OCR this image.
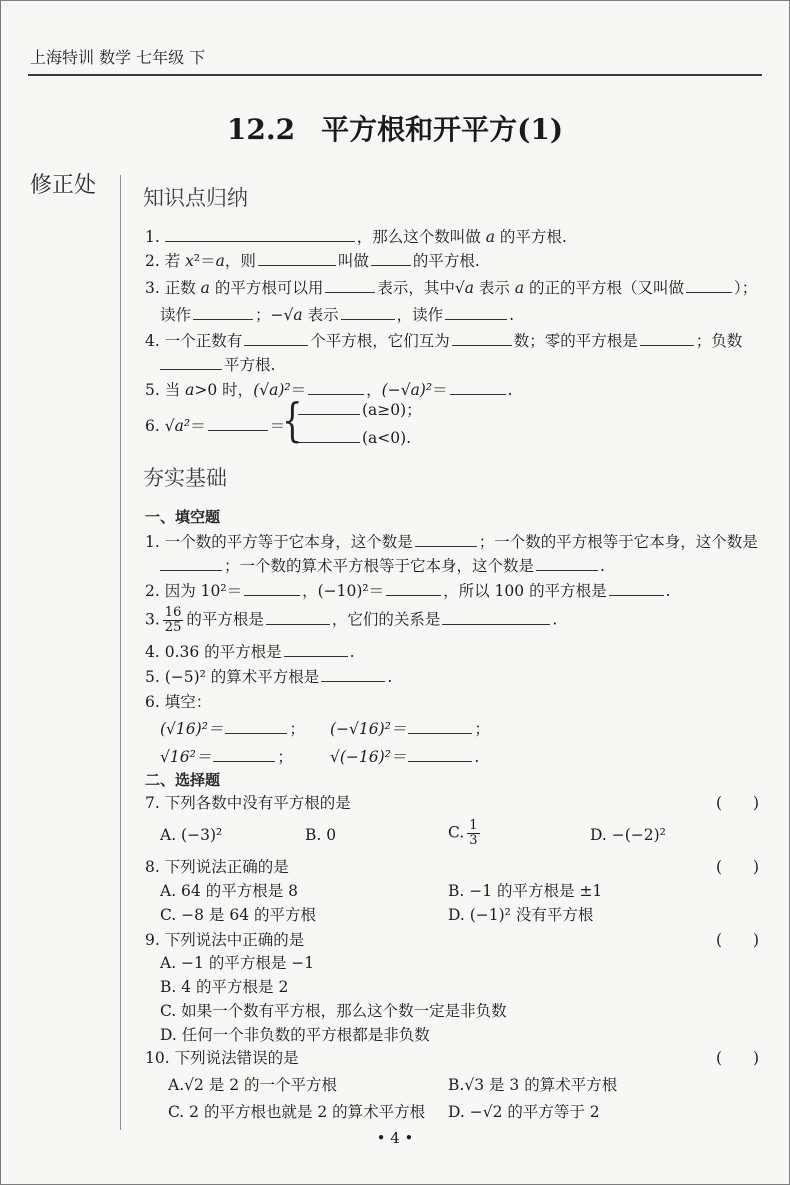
上海特训 数学 七年级 下
12.2 平方根和开平方(1)
修正处 知识点归纳
1.	，那么这个数叫做 a 的平方根.
2. 若 x²＝a，则	叫做	的平方根.
3. 正数 a 的平方根可以用	表示，其中√a 表示 a 的正的平方根（又叫做	）；
读作	；−√a 表示	，读作	.
4. 一个正数有	个平方根，它们互为	数；零的平方根是	；负数
平方根.
5. 当 a>0 时，(√a)²＝	，(−√a)²＝	.
6. √a²＝	＝
{	(a≥0)；
(a<0).
夯实基础
一、填空题
1. 一个数的平方等于它本身，这个数是	；一个数的平方根等于它本身，这个数是
；一个数的算术平方根等于它本身，这个数是	.
2. 因为 10²＝	，(−10)²＝	，所以 100 的平方根是	.
3. $\frac{16}{25}$ 的平方根是	，它们的关系是	.
4. 0.36 的平方根是	.
5. (−5)² 的算术平方根是	.
6. 填空：
(√16)²＝	； (−√16)²＝	；
√16²＝	； √(−16)²＝	.
二、选择题
7. 下列各数中没有平方根的是	(　　)
A. (−3)²	B. 0	C. $\frac{1}{3}$	D. −(−2)²
8. 下列说法正确的是	(　　)
A. 64 的平方根是 8	B. −1 的平方根是 ±1
C. −8 是 64 的平方根	D. (−1)² 没有平方根
9. 下列说法中正确的是	(　　)
A. −1 的平方根是 −1
B. 4 的平方根是 2
C. 如果一个数有平方根，那么这个数一定是非负数
D. 任何一个非负数的平方根都是非负数
10. 下列说法错误的是	(　　)
A.√2 是 2 的一个平方根	B.√3 是 3 的算术平方根
C. 2 的平方根也就是 2 的算术平方根 D. −√2 的平方等于 2
• 4 •
